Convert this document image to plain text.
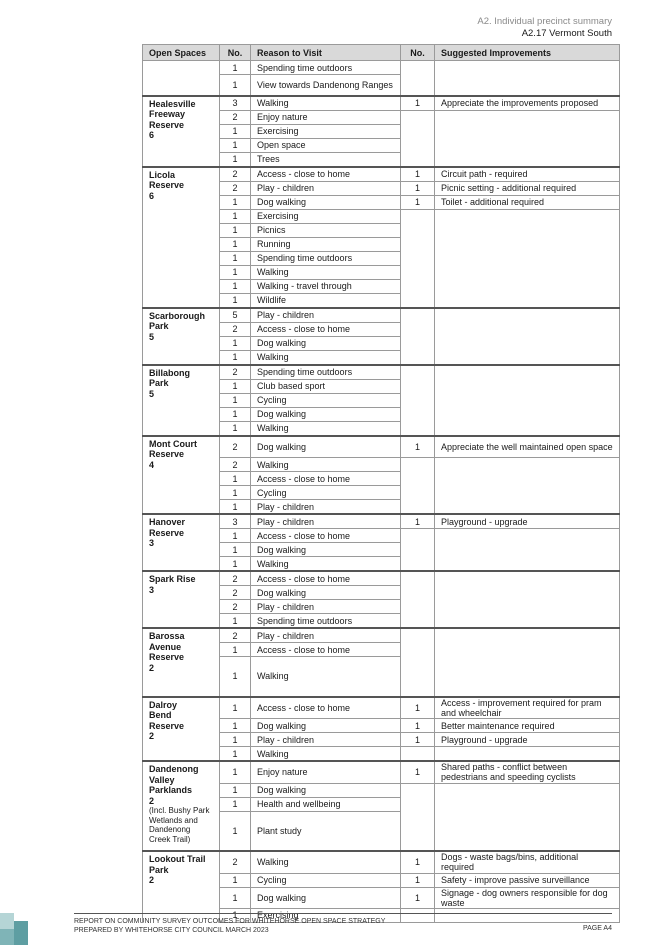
A2. Individual precinct summary
A2.17 Vermont South
Open Spaces	No.	Reason to Visit	No.	Suggested Improvements
	1	Spending time outdoors		
	1	View towards Dandenong Ranges		

Healesville
Freeway
Reserve
6	3	Walking	1	Appreciate the improvements proposed
	2	Enjoy nature		
	1	Exercising		
	1	Open space		
	1	Trees		

Licola
Reserve
6	2	Access - close to home	1	Circuit path - required
	2	Play - children	1	Picnic setting - additional required
	1	Dog walking	1	Toilet - additional required
	1	Exercising		
	1	Picnics		
	1	Running		
	1	Spending time outdoors		
	1	Walking		
	1	Walking - travel through		
	1	Wildlife		

Scarborough
Park
5	5	Play - children		
	2	Access - close to home		
	1	Dog walking		
	1	Walking		

Billabong
Park
5	2	Spending time outdoors		
	1	Club based sport		
	1	Cycling		
	1	Dog walking		
	1	Walking		

Mont Court
Reserve
4	2	Dog walking	1	Appreciate the well maintained open space
	2	Walking		
	1	Access - close to home		
	1	Cycling		
	1	Play - children		

Hanover
Reserve
3	3	Play - children	1	Playground - upgrade
	1	Access - close to home		
	1	Dog walking		
	1	Walking		

Spark Rise
3	2	Access - close to home		
	2	Dog walking		
	2	Play - children		
	1	Spending time outdoors		

Barossa
Avenue
Reserve
2	2	Play - children		
	1	Access - close to home		
	1	Walking		

Dalroy
Bend
Reserve
2	1	Access - close to home	1	Access - improvement required for pram and wheelchair
	1	Dog walking	1	Better maintenance required
	1	Play - children	1	Playground - upgrade
	1	Walking		

Dandenong
Valley
Parklands
2
(Incl. Bushy Park Wetlands and Dandenong Creek Trail)	1	Enjoy nature	1	Shared paths - conflict between pedestrians and speeding cyclists
	1	Dog walking		
	1	Health and wellbeing		
	1	Plant study		

Lookout Trail
Park
2	2	Walking	1	Dogs - waste bags/bins, additional required
	1	Cycling	1	Safety - improve passive surveillance
	1	Dog walking	1	Signage - dog owners responsible for dog waste
	1	Exercising		
REPORT ON COMMUNITY SURVEY OUTCOMES FOR WHITEHORSE OPEN SPACE STRATEGY
PREPARED BY WHITEHORSE CITY COUNCIL MARCH 2023	PAGE A4
